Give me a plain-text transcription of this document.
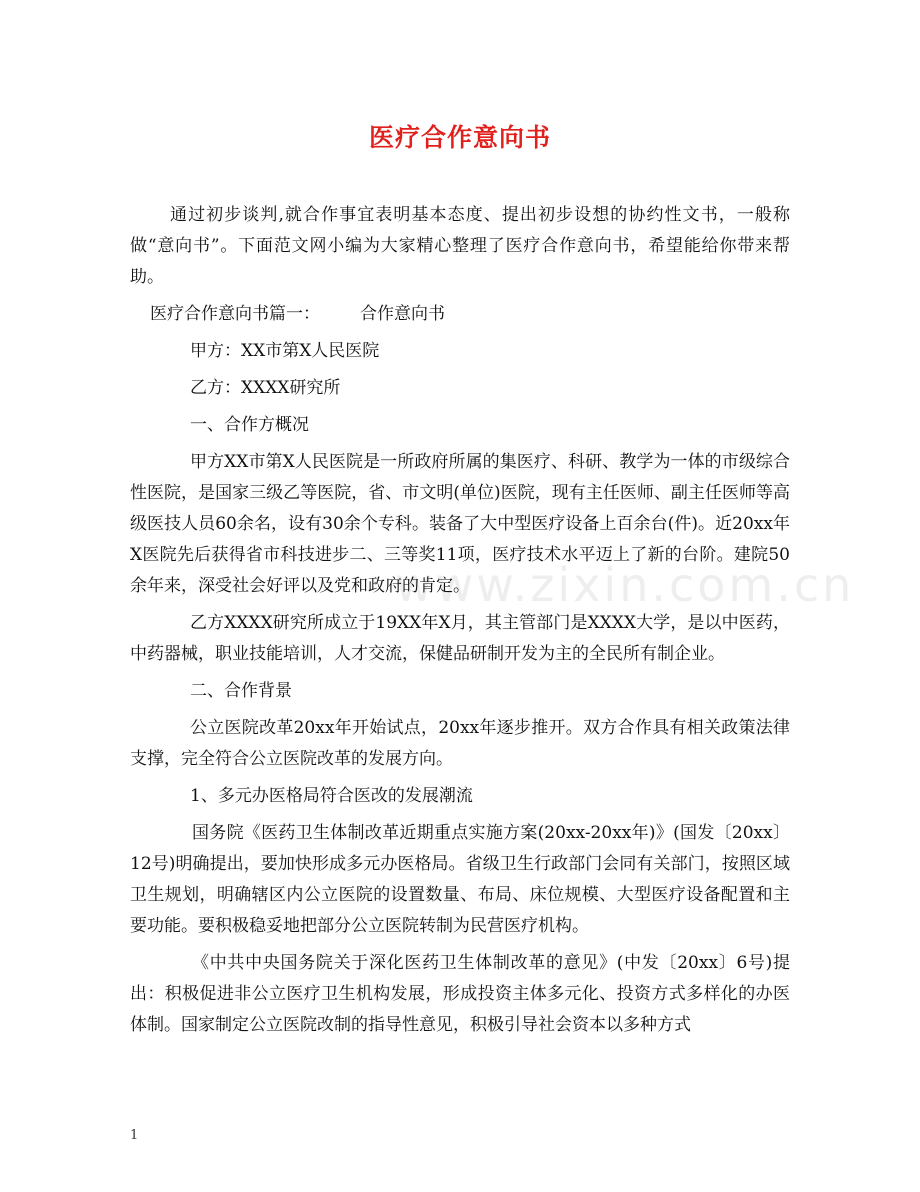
www.zixin.com.cn
医疗合作意向书

通过初步谈判,就合作事宜表明基本态度、提出初步设想的协约性文书，一般称做“意向书”。下面范文网小编为大家精心整理了医疗合作意向书，希望能给你带来帮助。

医疗合作意向书篇一： 合作意向书

甲方：XX市第X人民医院

乙方：XXXX研究所

一、合作方概况

甲方XX市第X人民医院是一所政府所属的集医疗、科研、教学为一体的市级综合性医院，是国家三级乙等医院，省、市文明(单位)医院，现有主任医师、副主任医师等高级医技人员60余名，设有30余个专科。装备了大中型医疗设备上百余台(件)。近20xx年X医院先后获得省市科技进步二、三等奖11项，医疗技术水平迈上了新的台阶。建院50余年来，深受社会好评以及党和政府的肯定。

乙方XXXX研究所成立于19XX年X月，其主管部门是XXXX大学，是以中医药，中药器械，职业技能培训，人才交流，保健品研制开发为主的全民所有制企业。

二、合作背景

公立医院改革20xx年开始试点，20xx年逐步推开。双方合作具有相关政策法律支撑，完全符合公立医院改革的发展方向。

1、多元办医格局符合医改的发展潮流

国务院《医药卫生体制改革近期重点实施方案(20xx-20xx年)》(国发〔20xx〕12号)明确提出，要加快形成多元办医格局。省级卫生行政部门会同有关部门，按照区域卫生规划，明确辖区内公立医院的设置数量、布局、床位规模、大型医疗设备配置和主要功能。要积极稳妥地把部分公立医院转制为民营医疗机构。

《中共中央国务院关于深化医药卫生体制改革的意见》(中发〔20xx〕6号)提出：积极促进非公立医疗卫生机构发展，形成投资主体多元化、投资方式多样化的办医体制。国家制定公立医院改制的指导性意见，积极引导社会资本以多种方式

1
